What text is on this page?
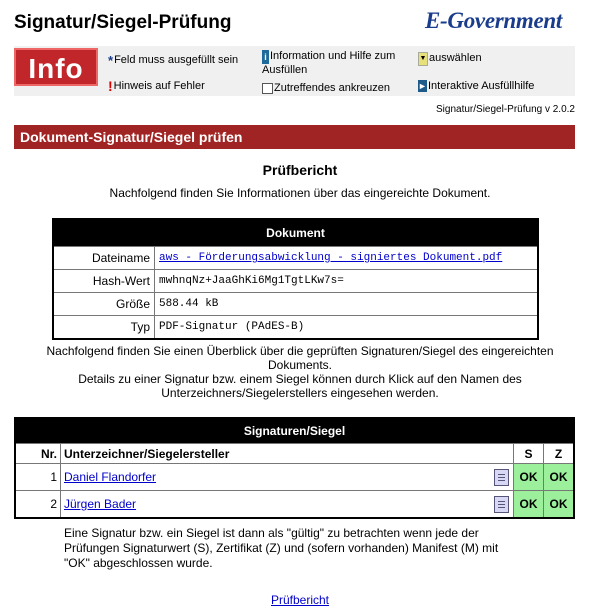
Signatur/Siegel-Prüfung	E-Government
Info	*Feld muss ausgefüllt sein	i Information und Hilfe zum Ausfüllen
▼ auswählen
!Hinweis auf Fehler	Zutreffendes ankreuzen	►Interaktive Ausfüllhilfe
Signatur/Siegel-Prüfung v 2.0.2
Dokument-Signatur/Siegel prüfen
Prüfbericht
Nachfolgend finden Sie Informationen über das eingereichte Dokument.
Dokument	
Dateiname	aws - Förderungsabwicklung - signiertes Dokument.pdf
Hash-Wert	mwhnqNz+JaaGhKi6Mg1TgtLKw7s=
Größe	588.44 kB
Typ	PDF-Signatur (PAdES-B)
Nachfolgend finden Sie einen Überblick über die geprüften Signaturen/Siegel des eingereichten Dokuments.
Details zu einer Signatur bzw. einem Siegel können durch Klick auf den Namen des Unterzeichners/Siegelerstellers eingesehen werden.
Signaturen/Siegel			
Nr.	Unterzeichner/Siegelersteller	S	Z
1	Daniel Flandorfer	OK	OK
2	Jürgen Bader	OK	OK
Eine Signatur bzw. ein Siegel ist dann als "gültig" zu betrachten wenn jede der Prüfungen Signaturwert (S), Zertifikat (Z) und (sofern vorhanden) Manifest (M) mit "OK" abgeschlossen wurde.
Prüfbericht
